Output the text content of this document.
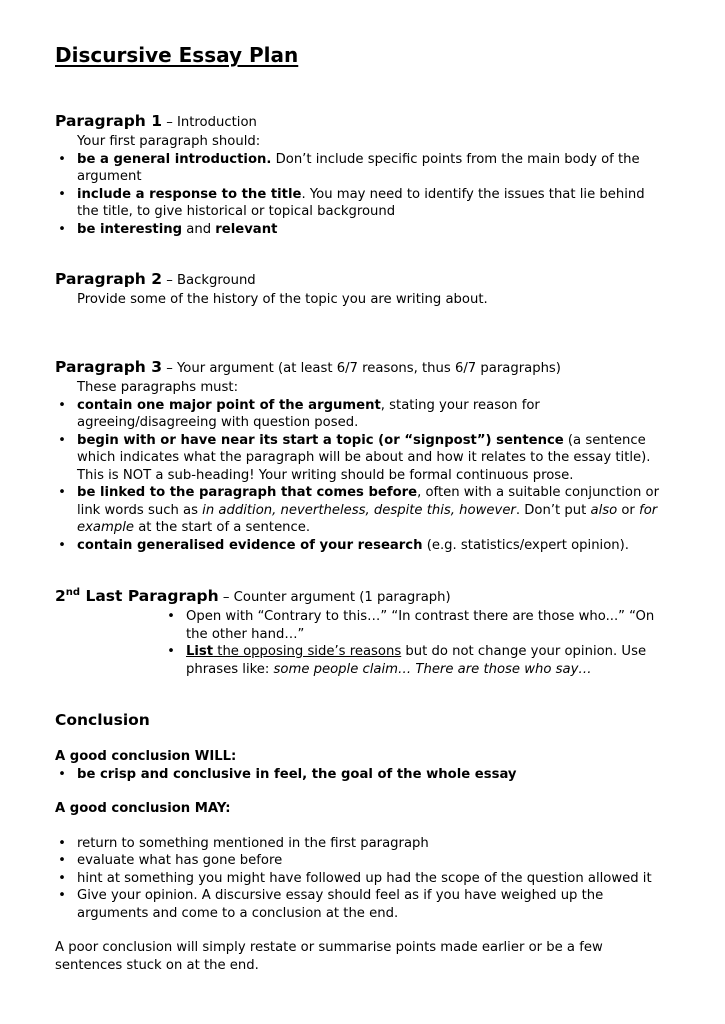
Discursive Essay Plan
Paragraph 1 – Introduction
Your first paragraph should:
• be a general introduction. Don’t include specific points from the main body of the argument
• include a response to the title. You may need to identify the issues that lie behind the title, to give historical or topical background
• be interesting and relevant
Paragraph 2 – Background
Provide some of the history of the topic you are writing about.
Paragraph 3 – Your argument (at least 6/7 reasons, thus 6/7 paragraphs)
These paragraphs must:
• contain one major point of the argument, stating your reason for agreeing/disagreeing with question posed.
• begin with or have near its start a topic (or “signpost”) sentence (a sentence which indicates what the paragraph will be about and how it relates to the essay title). This is NOT a sub-heading! Your writing should be formal continuous prose.
• be linked to the paragraph that comes before, often with a suitable conjunction or link words such as in addition, nevertheless, despite this, however. Don’t put also or for example at the start of a sentence.
• contain generalised evidence of your research (e.g. statistics/expert opinion).
2nd Last Paragraph – Counter argument (1 paragraph)
• Open with “Contrary to this…” “In contrast there are those who...” “On the other hand…”
• List the opposing side’s reasons but do not change your opinion. Use phrases like: some people claim… There are those who say…
Conclusion
A good conclusion WILL:
• be crisp and conclusive in feel, the goal of the whole essay
A good conclusion MAY:
• return to something mentioned in the first paragraph
• evaluate what has gone before
• hint at something you might have followed up had the scope of the question allowed it
• Give your opinion. A discursive essay should feel as if you have weighed up the arguments and come to a conclusion at the end.
A poor conclusion will simply restate or summarise points made earlier or be a few sentences stuck on at the end.
